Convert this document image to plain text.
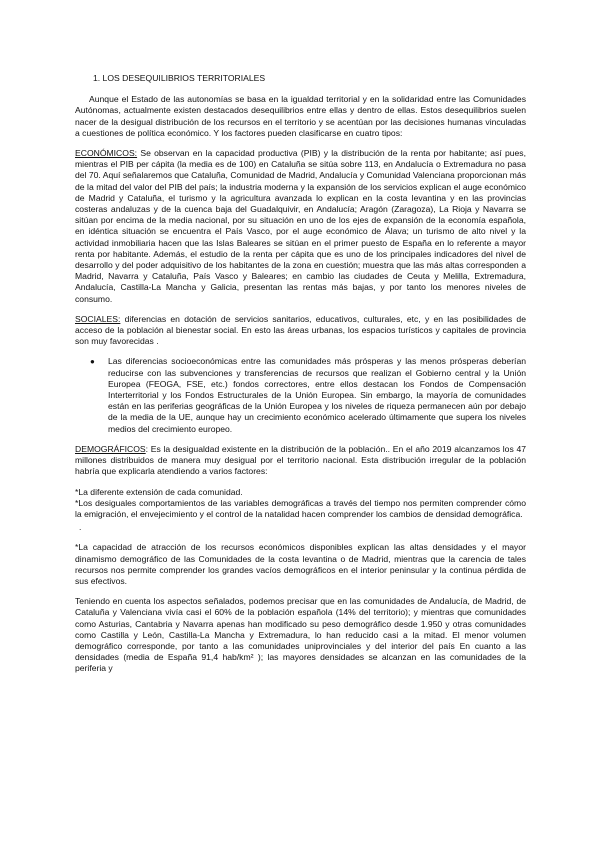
1. LOS DESEQUILIBRIOS TERRITORIALES

Aunque el Estado de las autonomías se basa en la igualdad territorial y en la solidaridad entre las Comunidades Autónomas, actualmente existen destacados desequilibrios entre ellas y dentro de ellas. Estos desequilibrios suelen nacer de la desigual distribución de los recursos en el territorio y se acentúan por las decisiones humanas vinculadas a cuestiones de política económico. Y los factores pueden clasificarse en cuatro tipos:

ECONÓMICOS: Se observan en la capacidad productiva (PIB) y la distribución de la renta por habitante; así pues, mientras el PIB per cápita (la media es de 100) en Cataluña se sitúa sobre 113, en Andalucía o Extremadura no pasa del 70. Aquí señalaremos que Cataluña, Comunidad de Madrid, Andalucía y Comunidad Valenciana proporcionan más de la mitad del valor del PIB del país; la industria moderna y la expansión de los servicios explican el auge económico de Madrid y Cataluña, el turismo y la agricultura avanzada lo explican en la costa levantina y en las provincias costeras andaluzas y de la cuenca baja del Guadalquivir, en Andalucía; Aragón (Zaragoza), La Rioja y Navarra se sitúan por encima de la media nacional, por su situación en uno de los ejes de expansión de la economía española, en idéntica situación se encuentra el País Vasco, por el auge económico de Álava; un turismo de alto nivel y la actividad inmobiliaria hacen que las Islas Baleares se sitúan en el primer puesto de España en lo referente a mayor renta por habitante. Además, el estudio de la renta per cápita que es uno de los principales indicadores del nivel de desarrollo y del poder adquisitivo de los habitantes de la zona en cuestión; muestra que las más altas corresponden a Madrid, Navarra y Cataluña, País Vasco y Baleares; en cambio las ciudades de Ceuta y Melilla, Extremadura, Andalucía, Castilla-La Mancha y Galicia, presentan las rentas más bajas, y por tanto los menores niveles de consumo.

SOCIALES: diferencias en dotación de servicios sanitarios, educativos, culturales, etc, y en las posibilidades de acceso de la población al bienestar social. En esto las áreas urbanas, los espacios turísticos y capitales de provincia son muy favorecidas .

●	Las diferencias socioeconómicas entre las comunidades más prósperas y las menos prósperas deberían reducirse con las subvenciones y transferencias de recursos que realizan el Gobierno central y la Unión Europea (FEOGA, FSE, etc.) fondos correctores, entre ellos destacan los Fondos de Compensación Interterritorial y los Fondos Estructurales de la Unión Europea. Sin embargo, la mayoría de comunidades están en las periferias geográficas de la Unión Europea y los niveles de riqueza permanecen aún por debajo de la media de la UE, aunque hay un crecimiento económico acelerado últimamente que supera los niveles medios del crecimiento europeo.

DEMOGRÁFICOS: Es la desigualdad existente en la distribución de la población.. En el año 2019 alcanzamos los 47 millones distribuidos de manera muy desigual por el territorio nacional. Esta distribución irregular de la población habría que explicarla atendiendo a varios factores:

*La diferente extensión de cada comunidad.

*Los desiguales comportamientos de las variables demográficas a través del tiempo nos permiten comprender cómo la emigración, el envejecimiento y el control de la natalidad hacen comprender los cambios de densidad demográfica.

.

*La capacidad de atracción de los recursos económicos disponibles explican las altas densidades y el mayor dinamismo demográfico de las Comunidades de la costa levantina o de Madrid, mientras que la carencia de tales recursos nos permite comprender los grandes vacíos demográficos en el interior peninsular y la continua pérdida de sus efectivos.

Teniendo en cuenta los aspectos señalados, podemos precisar que en las comunidades de Andalucía, de Madrid, de Cataluña y Valenciana vivía casi el 60% de la población española (14% del territorio); y mientras que comunidades como Asturias, Cantabria y Navarra apenas han modificado su peso demográfico desde 1.950 y otras comunidades como Castilla y León, Castilla-La Mancha y Extremadura, lo han reducido casi a la mitad. El menor volumen demográfico corresponde, por tanto a las comunidades uniprovinciales y del interior del país En cuanto a las densidades (media de España 91,4 hab/km² ); las mayores densidades se alcanzan en las comunidades de la periferia y
